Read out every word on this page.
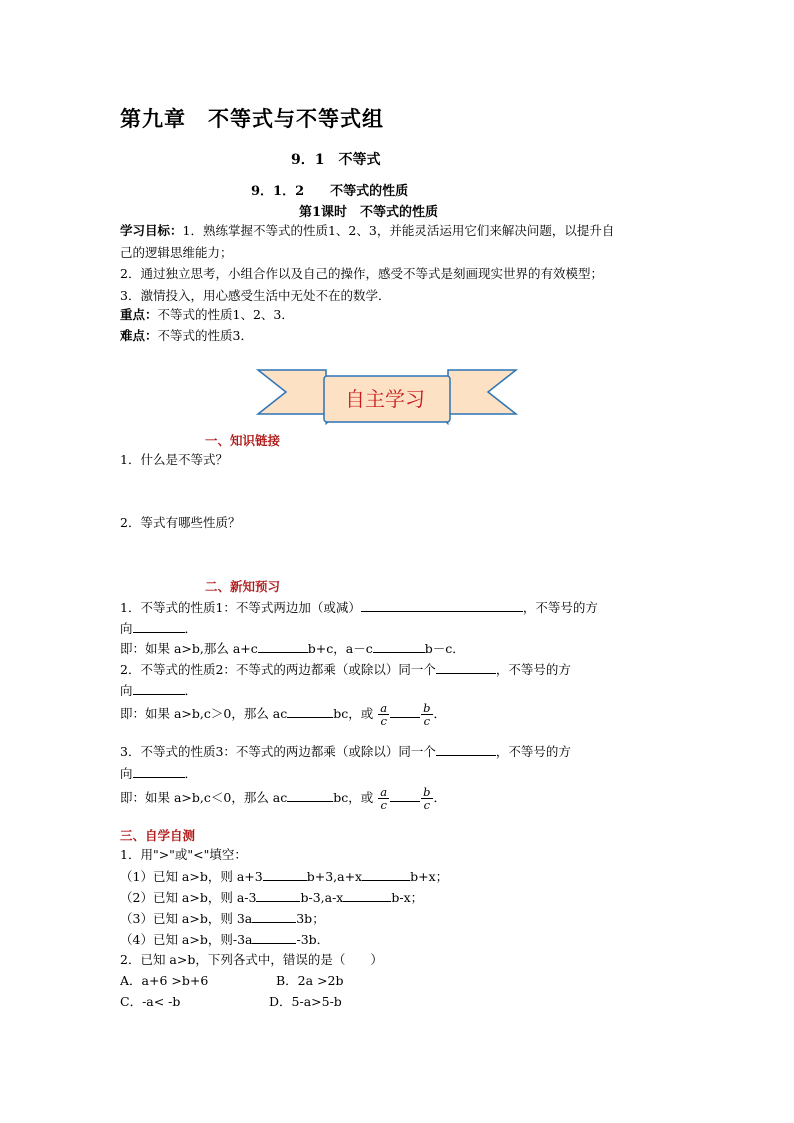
第九章　不等式与不等式组
9．1　不等式
9．1．2　　不等式的性质
第1课时　不等式的性质
学习目标：1．熟练掌握不等式的性质1、2、3，并能灵活运用它们来解决问题，以提升自
己的逻辑思维能力；
2．通过独立思考，小组合作以及自己的操作，感受不等式是刻画现实世界的有效模型；
3．激情投入，用心感受生活中无处不在的数学．
重点：不等式的性质1、2、3．
难点：不等式的性质3．
自主学习
一、知识链接
1．什么是不等式？
2．等式有哪些性质？
二、新知预习
1．不等式的性质1：不等式两边加（或减）	，不等号的方
向	．
即：如果 a>b,那么 a+c	b+c，a－c	b－c．
2．不等式的性质2：不等式的两边都乘（或除以）同一个	，不等号的方
向	．
即：如果 a>b,c＞0，那么 ac	bc，或 $\frac{a}{c}$	$\frac{b}{c}$ ．
3．不等式的性质3：不等式的两边都乘（或除以）同一个	，不等号的方
向	．
即：如果 a>b,c＜0，那么 ac	bc，或 $\frac{a}{c}$	$\frac{b}{c}$ ．
三、自学自测
1．用">"或"<"填空：
（1）已知 a>b，则 a+3	b+3,a+x	b+x；
（2）已知 a>b，则 a-3	b-3,a-x	b-x；
（3）已知 a>b，则 3a	3b；
（4）已知 a>b，则-3a	-3b．
2．已知 a>b，下列各式中，错误的是（　　）
A．a+6 >b+6	B．2a >2b
C．-a< -b	D．5-a>5-b
